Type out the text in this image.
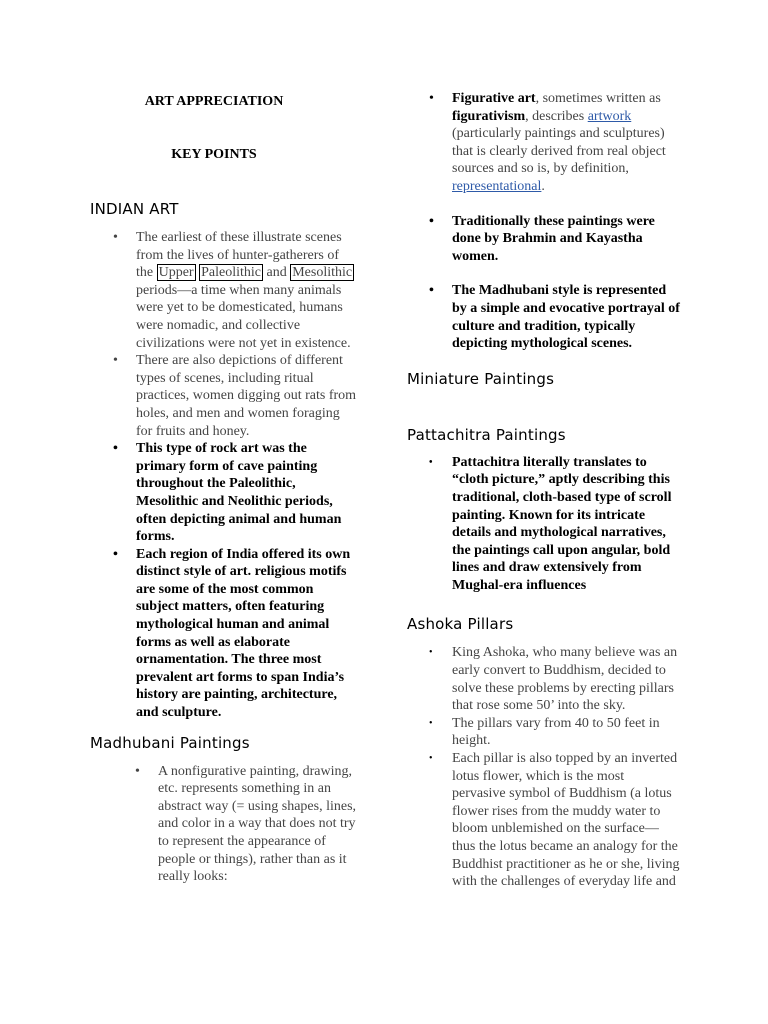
ART APPRECIATION

KEY POINTS

INDIAN ART

• The earliest of these illustrate scenes from the lives of hunter-gatherers of the Upper Paleolithic and Mesolithic periods—a time when many animals were yet to be domesticated, humans were nomadic, and collective civilizations were not yet in existence.

• There are also depictions of different types of scenes, including ritual practices, women digging out rats from holes, and men and women foraging for fruits and honey.

• This type of rock art was the primary form of cave painting throughout the Paleolithic, Mesolithic and Neolithic periods, often depicting animal and human forms.

• Each region of India offered its own distinct style of art. religious motifs are some of the most common subject matters, often featuring mythological human and animal forms as well as elaborate ornamentation. The three most prevalent art forms to span India’s history are painting, architecture, and sculpture.

Madhubani Paintings

• A nonfigurative painting, drawing, etc. represents something in an abstract way (= using shapes, lines, and color in a way that does not try to represent the appearance of people or things), rather than as it really looks:

• Figurative art, sometimes written as figurativism, describes artwork (particularly paintings and sculptures) that is clearly derived from real object sources and so is, by definition, representational.

• Traditionally these paintings were done by Brahmin and Kayastha women.

• The Madhubani style is represented by a simple and evocative portrayal of culture and tradition, typically depicting mythological scenes.

Miniature Paintings
Pattachitra Paintings

• Pattachitra literally translates to “cloth picture,” aptly describing this traditional, cloth-based type of scroll painting. Known for its intricate details and mythological narratives, the paintings call upon angular, bold lines and draw extensively from Mughal-era influences

Ashoka Pillars

• King Ashoka, who many believe was an early convert to Buddhism, decided to solve these problems by erecting pillars that rose some 50’ into the sky.

• The pillars vary from 40 to 50 feet in height.

• Each pillar is also topped by an inverted lotus flower, which is the most pervasive symbol of Buddhism (a lotus flower rises from the muddy water to bloom unblemished on the surface—thus the lotus became an analogy for the Buddhist practitioner as he or she, living with the challenges of everyday life and
